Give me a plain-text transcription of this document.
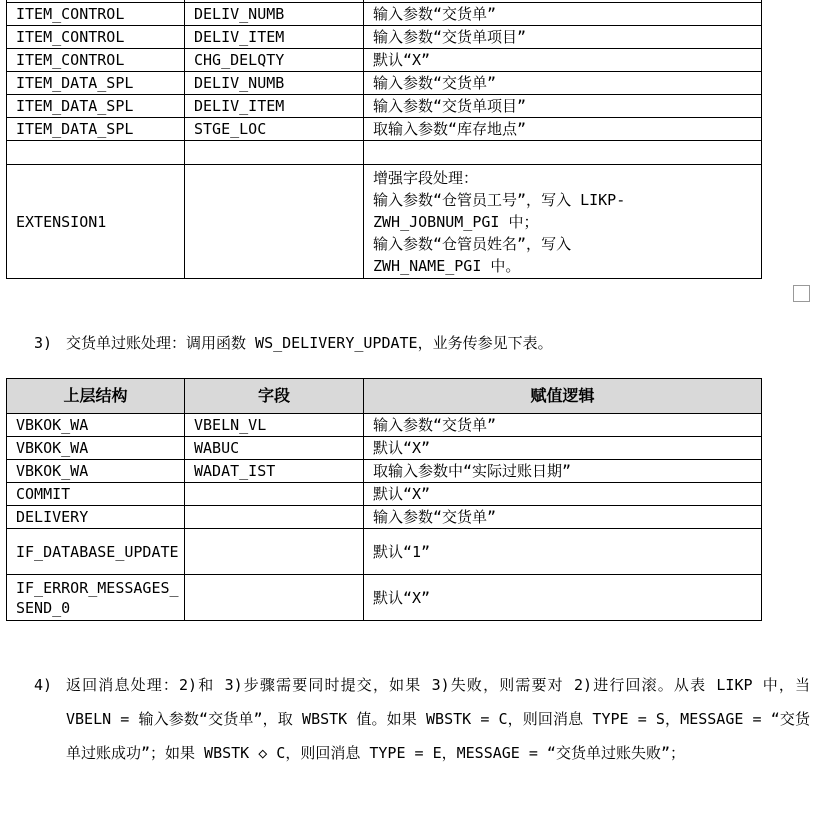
ITEM_CONTROL	DELIV_NUMB	输入参数“交货单”
ITEM_CONTROL	DELIV_ITEM	输入参数“交货单项目”
ITEM_CONTROL	CHG_DELQTY	默认“X”
ITEM_DATA_SPL	DELIV_NUMB	输入参数“交货单”
ITEM_DATA_SPL	DELIV_ITEM	输入参数“交货单项目”
ITEM_DATA_SPL	STGE_LOC	取输入参数“库存地点”

EXTENSION1		增强字段处理：
输入参数“仓管员工号”，写入 LIKP-
ZWH_JOBNUM_PGI 中；
输入参数“仓管员姓名”，写入
ZWH_NAME_PGI 中。
3) 交货单过账处理：调用函数 WS_DELIVERY_UPDATE，业务传参见下表。
上层结构	字段	赋值逻辑
VBKOK_WA	VBELN_VL	输入参数“交货单”
VBKOK_WA	WABUC	默认“X”
VBKOK_WA	WADAT_IST	取输入参数中“实际过账日期”
COMMIT		默认“X”
DELIVERY		输入参数“交货单”
IF_DATABASE_UPDATE		默认“1”
IF_ERROR_MESSAGES_SEND_0		默认“X”
4) 返回消息处理：2)和 3)步骤需要同时提交，如果 3)失败，则需要对 2)进行回滚。从表 LIKP 中，当 VBELN = 输入参数“交货单”，取 WBSTK 值。如果 WBSTK = C，则回消息 TYPE = S，MESSAGE = “交货单过账成功”；如果 WBSTK ◇ C，则回消息 TYPE = E，MESSAGE = “交货单过账失败”；
